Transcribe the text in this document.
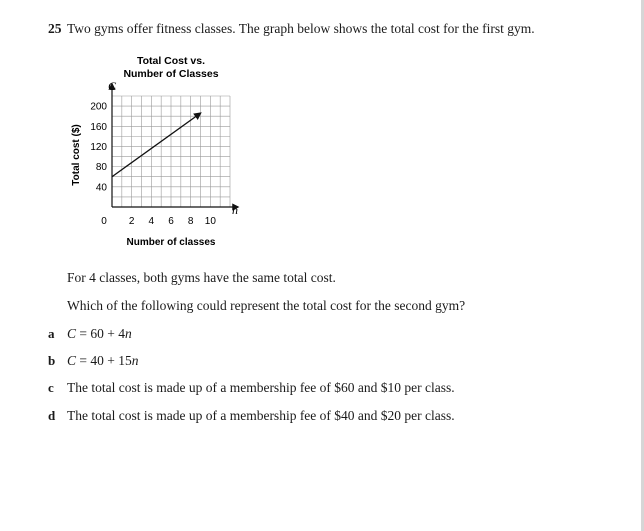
25 Two gyms offer fitness classes. The graph below shows the total cost for the first gym.
2 4 6 8 10
40
80
120
160
200
Total Cost vs.
Number of Classes
C
n
0
Number of classes
Total cost ($)
For 4 classes, both gyms have the same total cost.
Which of the following could represent the total cost for the second gym?
a C = 60 + 4n
b C = 40 + 15n
c The total cost is made up of a membership fee of $60 and $10 per class.
d The total cost is made up of a membership fee of $40 and $20 per class.
